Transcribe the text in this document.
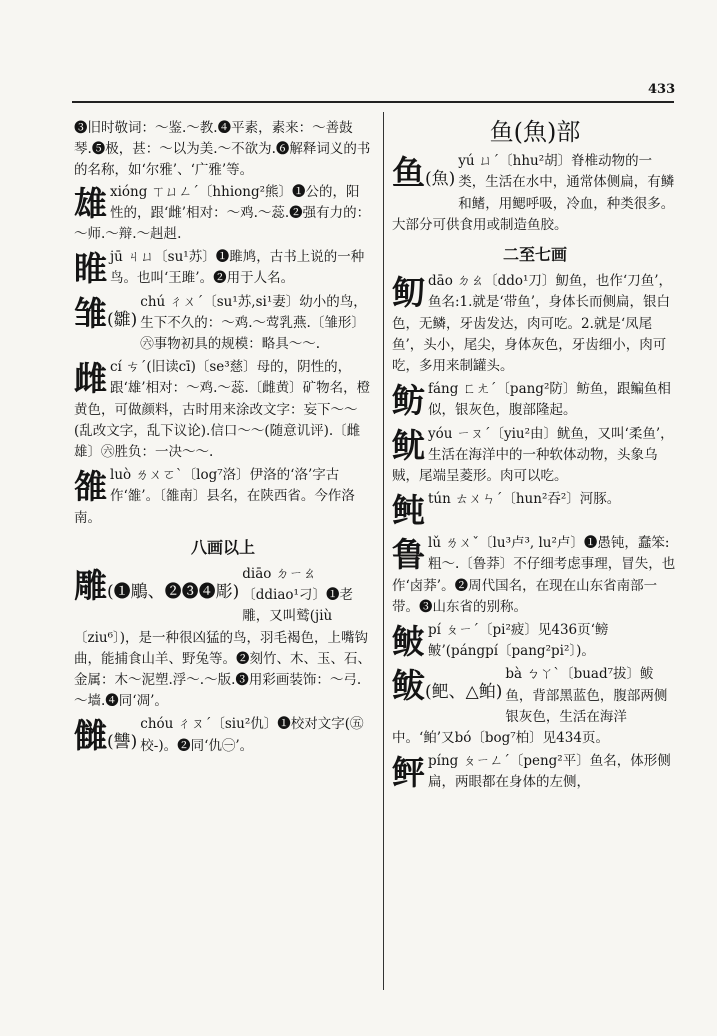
433
❸旧时敬词：～鉴.～教.❹平素，素来：～善鼓琴.❺极，甚：～以为美.～不欲为.❻解释词义的书的名称，如‘尔雅’、‘广雅’等。
雄xióng ㄒㄩㄥˊ〔hhiong²熊〕❶公的，阳性的，跟‘雌’相对：～鸡.～蕊.❷强有力的：～师.～辩.～赳赳.
睢jū ㄐㄩ〔su¹苏〕❶雎鸠，古书上说的一种鸟。也叫‘王雎’。❷用于人名。
雏(雛)
chú ㄔㄨˊ〔su¹苏,si¹妻〕幼小的鸟，生下不久的：～鸡.～莺乳燕.〔雏形〕㊅事物初具的规模：略具～～.
雌cí ㄘˊ(旧读cī)〔se³慈〕母的，阴性的，跟‘雄’相对：～鸡.～蕊.〔雌黄〕矿物名，橙黄色，可做颜料，古时用来涂改文字：妄下～～(乱改文字，乱下议论).信口～～(随意讥评).〔雌雄〕㊅胜负：一决～～.
雒luò ㄌㄨㄛˋ〔log⁷洛〕伊洛的‘洛’字古作‘雒’。〔雒南〕县名，在陕西省。今作洛南。
八画以上
雕(❶鵰、❷❸❹彫)
diāo ㄉㄧㄠ〔ddiao¹刁〕❶老雕，又叫鹫(jiù〔ziu⁶〕)，是一种很凶猛的鸟，羽毛褐色，上嘴钩曲，能捕食山羊、野兔等。❷刻竹、木、玉、石、金属：木～泥塑.浮～.～版.❸用彩画装饰：～弓.～墙.❹同‘凋’。
雠(讐)
chóu ㄔㄡˊ〔siu²仇〕❶校对文字(㊄校-)。❷同‘仇㊀’。
鱼(魚)部
鱼(魚)
yú ㄩˊ〔hhu²胡〕脊椎动物的一类，生活在水中，通常体侧扁，有鳞和鳍，用鳃呼吸，冷血，种类很多。大部分可供食用或制造鱼胶。
二至七画
鱽dāo ㄉㄠ〔ddo¹刀〕鱽鱼，也作‘刀鱼’，鱼名:1.就是‘带鱼’，身体长而侧扁，银白色，无鳞，牙齿发达，肉可吃。2.就是‘凤尾鱼’，头小，尾尖，身体灰色，牙齿细小，肉可吃，多用来制罐头。
鲂fáng ㄈㄤˊ〔pang²防〕鲂鱼，跟鳊鱼相似，银灰色，腹部隆起。
鱿yóu ㄧㄡˊ〔yiu²由〕鱿鱼，又叫‘柔鱼’，生活在海洋中的一种软体动物，头象乌贼，尾端呈菱形。肉可以吃。
鲀tún ㄊㄨㄣˊ〔hun²吞²〕河豚。
鲁lǔ ㄌㄨˇ〔lu³卢³, lu²卢〕❶愚钝，蠢笨:粗～.〔鲁莽〕不仔细考虑事理，冒失，也作‘卤莽’。❷周代国名，在现在山东省南部一带。❸山东省的别称。
鲏pí ㄆㄧˊ〔pi²疲〕见436页‘鳑鲏’(pángpí〔pang²pi²〕)。
鲅(鲃、△鲌)
bà ㄅㄚˋ〔buad⁷拔〕鲅鱼，背部黑蓝色，腹部两侧银灰色，生活在海洋中。‘鲌’又bó〔bog⁷柏〕见434页。
鲆píng ㄆㄧㄥˊ〔peng²平〕鱼名，体形侧扁，两眼都在身体的左侧，
